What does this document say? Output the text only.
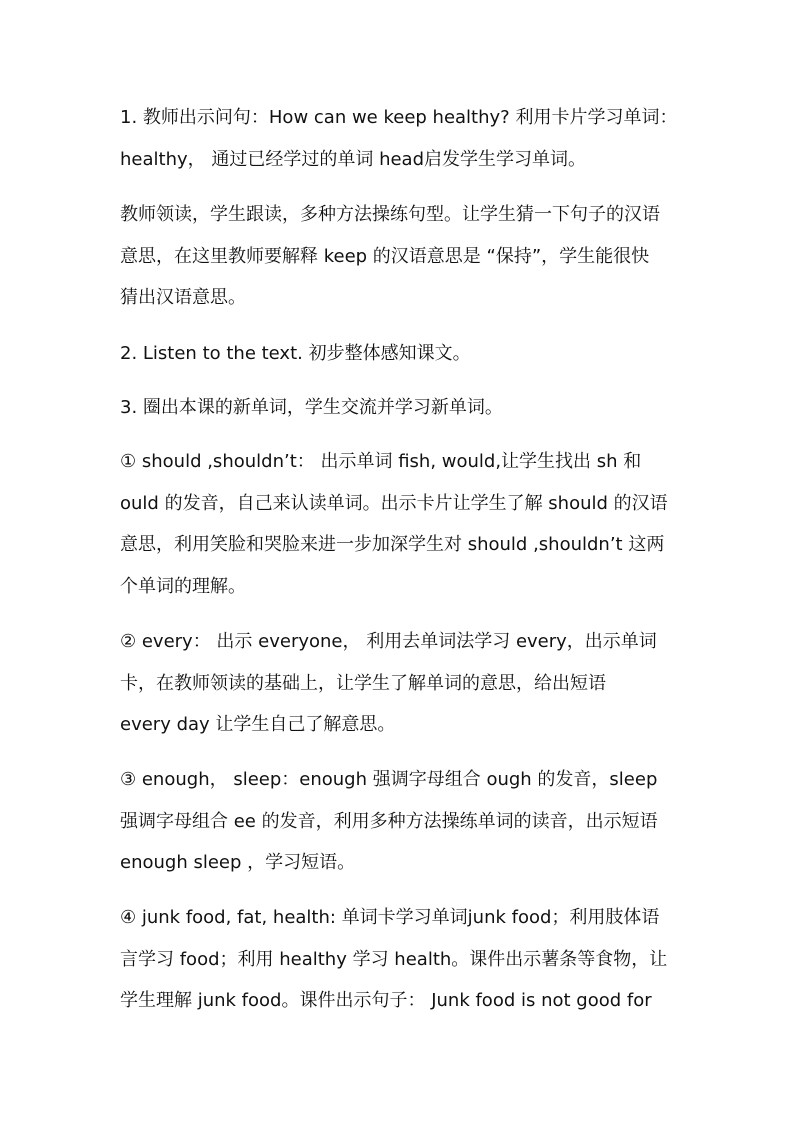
1. 教师出示问句：How can we keep healthy? 利用卡片学习单词：
healthy， 通过已经学过的单词 head启发学生学习单词。
教师领读，学生跟读，多种方法操练句型。让学生猜一下句子的汉语
意思，在这里教师要解释 keep 的汉语意思是 “保持”，学生能很快
猜出汉语意思。
2. Listen to the text. 初步整体感知课文。
3. 圈出本课的新单词，学生交流并学习新单词。
① should ,shouldn’t： 出示单词 fish, would,让学生找出 sh 和
ould 的发音，自己来认读单词。出示卡片让学生了解 should 的汉语
意思，利用笑脸和哭脸来进一步加深学生对 should ,shouldn’t 这两
个单词的理解。
② every： 出示 everyone， 利用去单词法学习 every，出示单词
卡，在教师领读的基础上，让学生了解单词的意思，给出短语
every day 让学生自己了解意思。
③ enough， sleep：enough 强调字母组合 ough 的发音，sleep
强调字母组合 ee 的发音，利用多种方法操练单词的读音，出示短语
enough sleep ，学习短语。
④ junk food, fat, health: 单词卡学习单词junk food；利用肢体语
言学习 food；利用 healthy 学习 health。课件出示薯条等食物，让
学生理解 junk food。课件出示句子： Junk food is not good for
